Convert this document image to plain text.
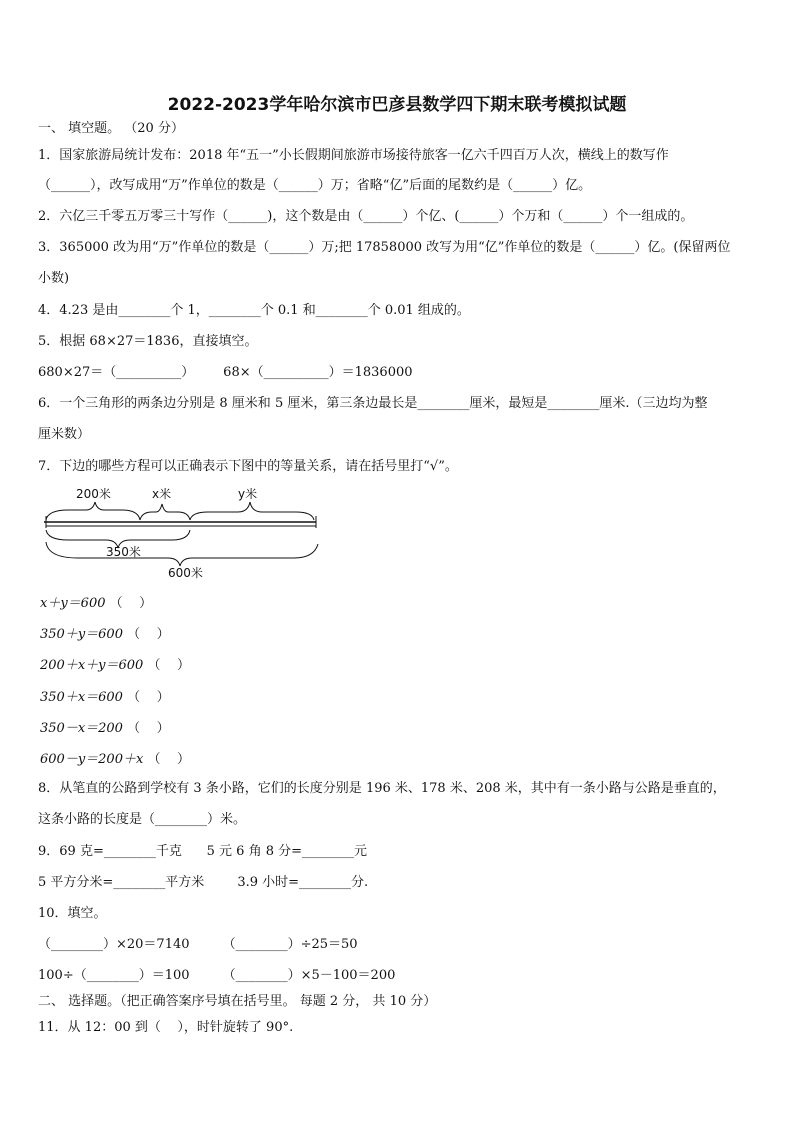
2022-2023学年哈尔滨市巴彦县数学四下期末联考模拟试题
一、 填空题。 （20 分）
1．国家旅游局统计发布：2018 年“五一”小长假期间旅游市场接待旅客一亿六千四百万人次，横线上的数写作
（______），改写成用“万”作单位的数是（______）万；省略“亿”后面的尾数约是（______）亿。
2．六亿三千零五万零三十写作（______)，这个数是由（______）个亿、(______）个万和（______）个一组成的。
3．365000 改为用“万”作单位的数是（______）万;把 17858000 改写为用“亿”作单位的数是（______）亿。(保留两位
小数)
4．4.23 是由________个 1，________个 0.1 和________个 0.01 组成的。
5．根据 68×27＝1836，直接填空。
680×27＝（__________）       68×（__________）＝1836000
6．一个三角形的两条边分别是 8 厘米和 5 厘米，第三条边最长是________厘米，最短是________厘米.（三边均为整
厘米数）
7．下边的哪些方程可以正确表示下图中的等量关系，请在括号里打“√”。
200米	x米	y米
350米
600米
x＋y＝600 （    ）
350＋y＝600 （    ）
200＋x＋y＝600 （    ）
350＋x＝600 （    ）
350－x＝200 （    ）
600－y＝200＋x （    ）
8．从笔直的公路到学校有 3 条小路，它们的长度分别是 196 米、178 米、208 米，其中有一条小路与公路是垂直的，
这条小路的长度是（________）米。
9．69 克=________千克      5 元 6 角 8 分=________元
5 平方分米=________平方米        3.9 小时=________分.
10．填空。
（________）×20＝7140        （________）÷25＝50
100÷（________）＝100        （________）×5－100＝200
二、 选择题。（把正确答案序号填在括号里。 每题 2 分， 共 10 分）
11．从 12：00 到（    ），时针旋转了 90°.
